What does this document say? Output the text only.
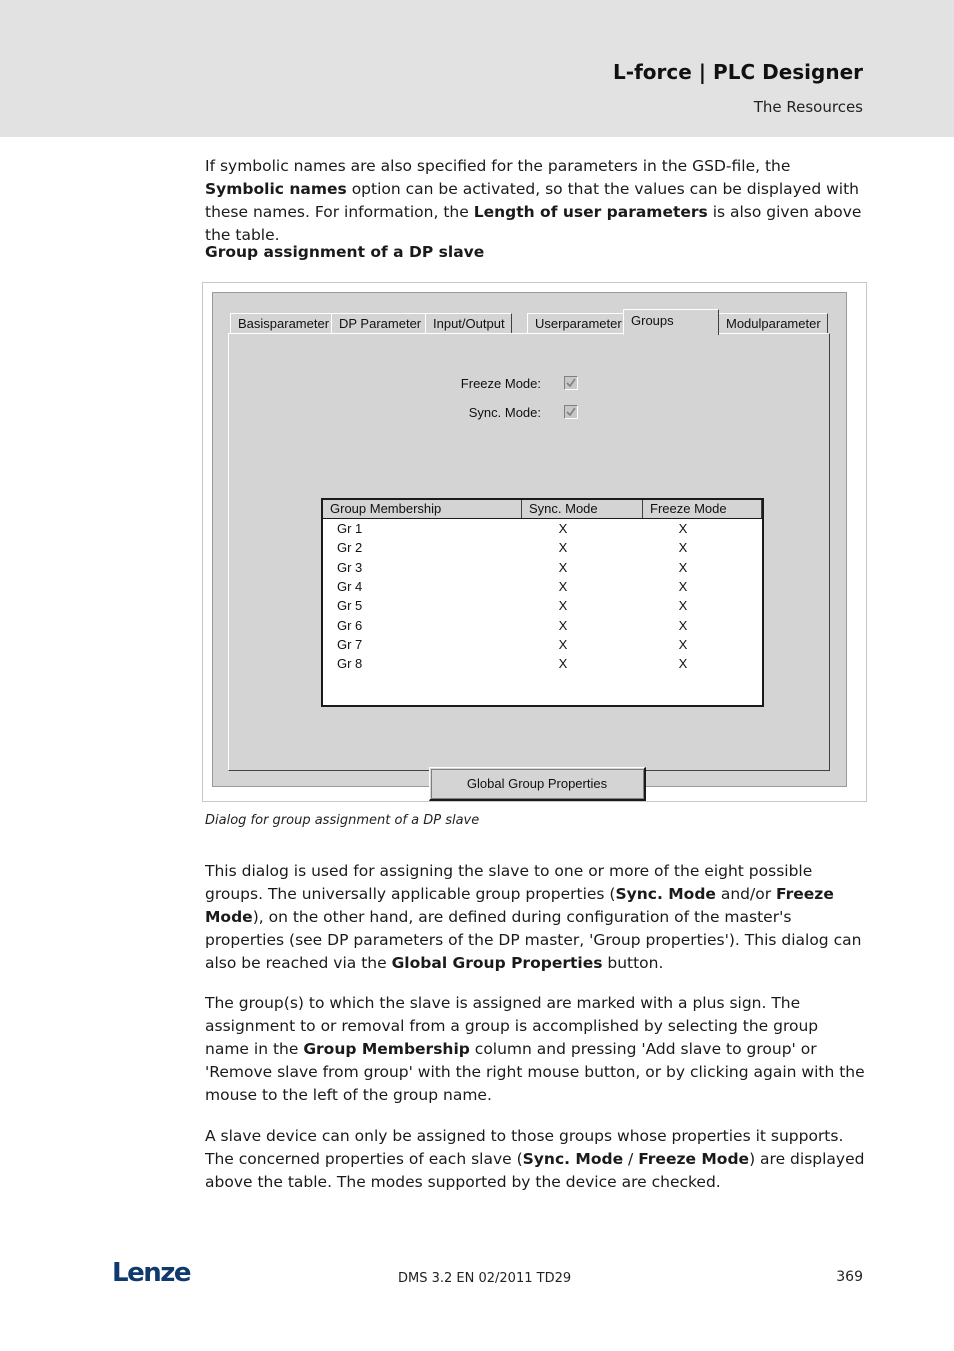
L-force | PLC Designer
The Resources

If symbolic names are also specified for the parameters in the GSD-file, the Symbolic names option can be activated, so that the values can be displayed with these names. For information, the Length of user parameters is also given above the table.

Group assignment of a DP slave
Basisparameter DP Parameter Input/Output	Userparameter Groups	Modulparameter
Freeze Mode:
Sync. Mode:
Group Membership	Sync. Mode	Freeze Mode
Gr 1	X	X
Gr 2	X	X
Gr 3	X	X
Gr 4	X	X
Gr 5	X	X
Gr 6	X	X
Gr 7	X	X
Gr 8	X	X
Global Group Properties
Dialog for group assignment of a DP slave

This dialog is used for assigning the slave to one or more of the eight possible groups. The universally applicable group properties (Sync. Mode and/or Freeze Mode), on the other hand, are defined during configuration of the master's properties (see DP parameters of the DP master, 'Group properties'). This dialog can also be reached via the Global Group Properties button.

The group(s) to which the slave is assigned are marked with a plus sign. The assignment to or removal from a group is accomplished by selecting the group name in the Group Membership column and pressing 'Add slave to group' or 'Remove slave from group' with the right mouse button, or by clicking again with the mouse to the left of the group name.

A slave device can only be assigned to those groups whose properties it supports. The concerned properties of each slave (Sync. Mode / Freeze Mode) are displayed above the table. The modes supported by the device are checked.

Lenze	DMS 3.2 EN 02/2011 TD29	369
